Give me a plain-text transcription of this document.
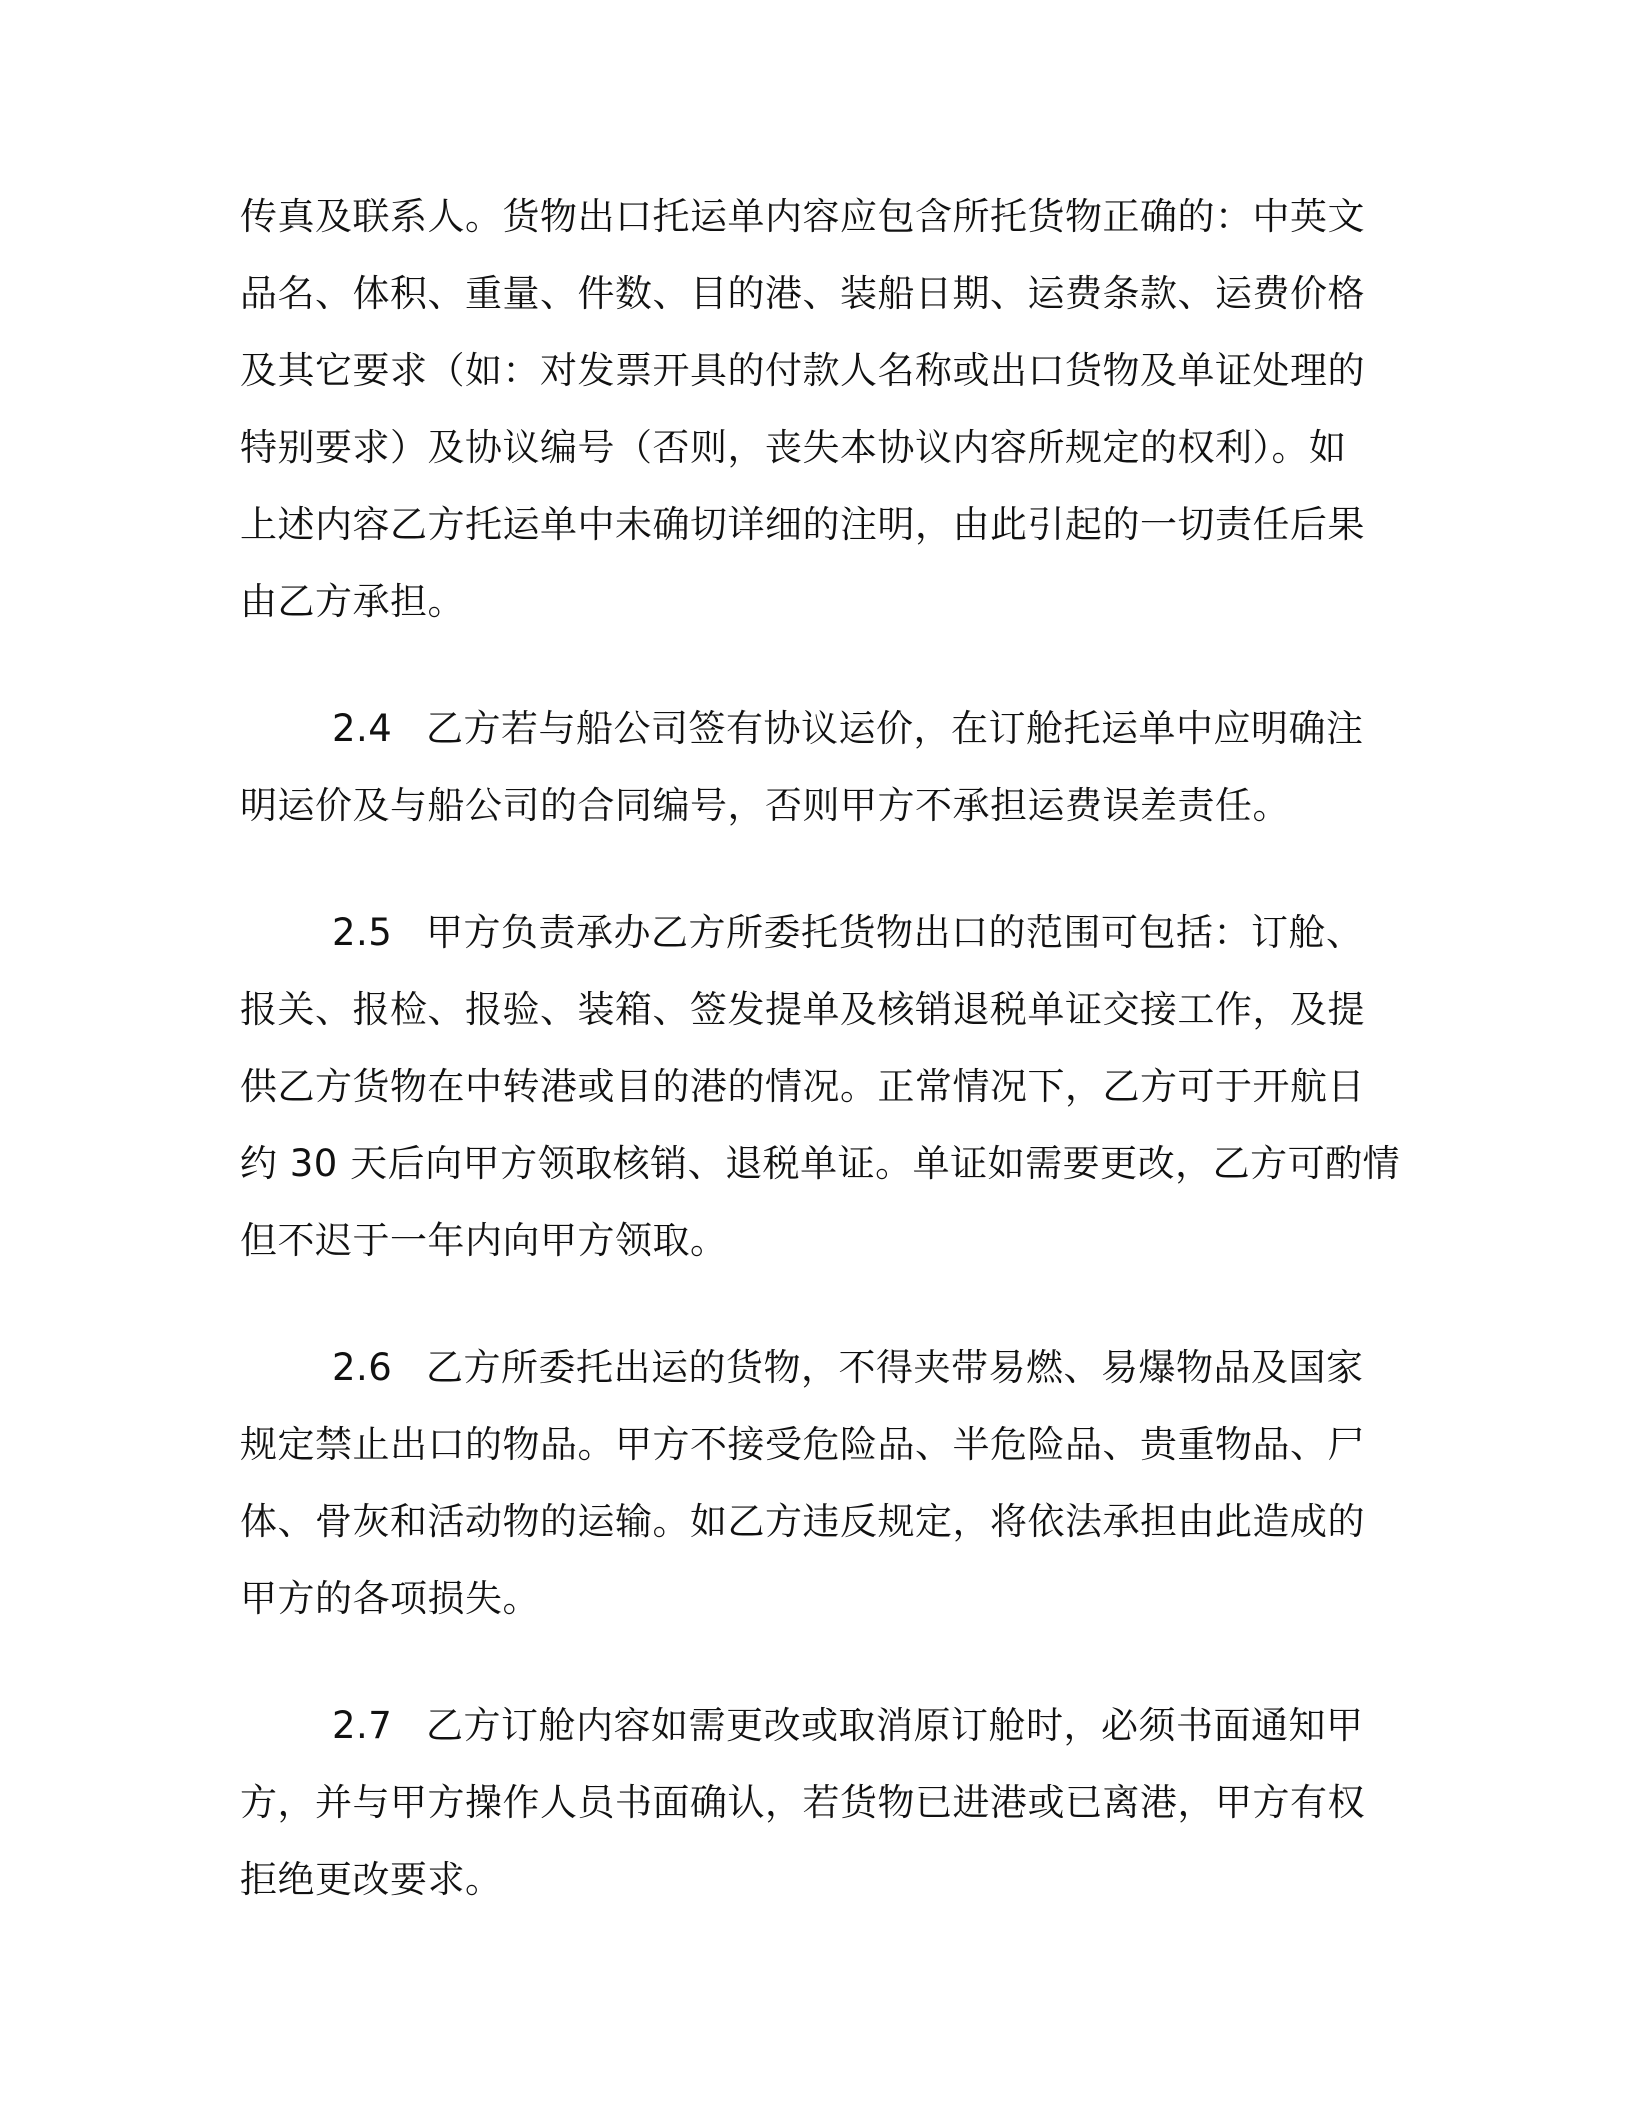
传真及联系人。货物出口托运单内容应包含所托货物正确的：中英文
品名、体积、重量、件数、目的港、装船日期、运费条款、运费价格
及其它要求（如：对发票开具的付款人名称或出口货物及单证处理的
特别要求）及协议编号（否则，丧失本协议内容所规定的权利）。如
上述内容乙方托运单中未确切详细的注明，由此引起的一切责任后果
由乙方承担。
2.4 乙方若与船公司签有协议运价，在订舱托运单中应明确注
明运价及与船公司的合同编号，否则甲方不承担运费误差责任。
2.5 甲方负责承办乙方所委托货物出口的范围可包括：订舱、
报关、报检、报验、装箱、签发提单及核销退税单证交接工作，及提
供乙方货物在中转港或目的港的情况。正常情况下，乙方可于开航日
约 30 天后向甲方领取核销、退税单证。单证如需要更改，乙方可酌情
但不迟于一年内向甲方领取。
2.6 乙方所委托出运的货物，不得夹带易燃、易爆物品及国家
规定禁止出口的物品。甲方不接受危险品、半危险品、贵重物品、尸
体、骨灰和活动物的运输。如乙方违反规定，将依法承担由此造成的
甲方的各项损失。
2.7 乙方订舱内容如需更改或取消原订舱时，必须书面通知甲
方，并与甲方操作人员书面确认，若货物已进港或已离港，甲方有权
拒绝更改要求。
